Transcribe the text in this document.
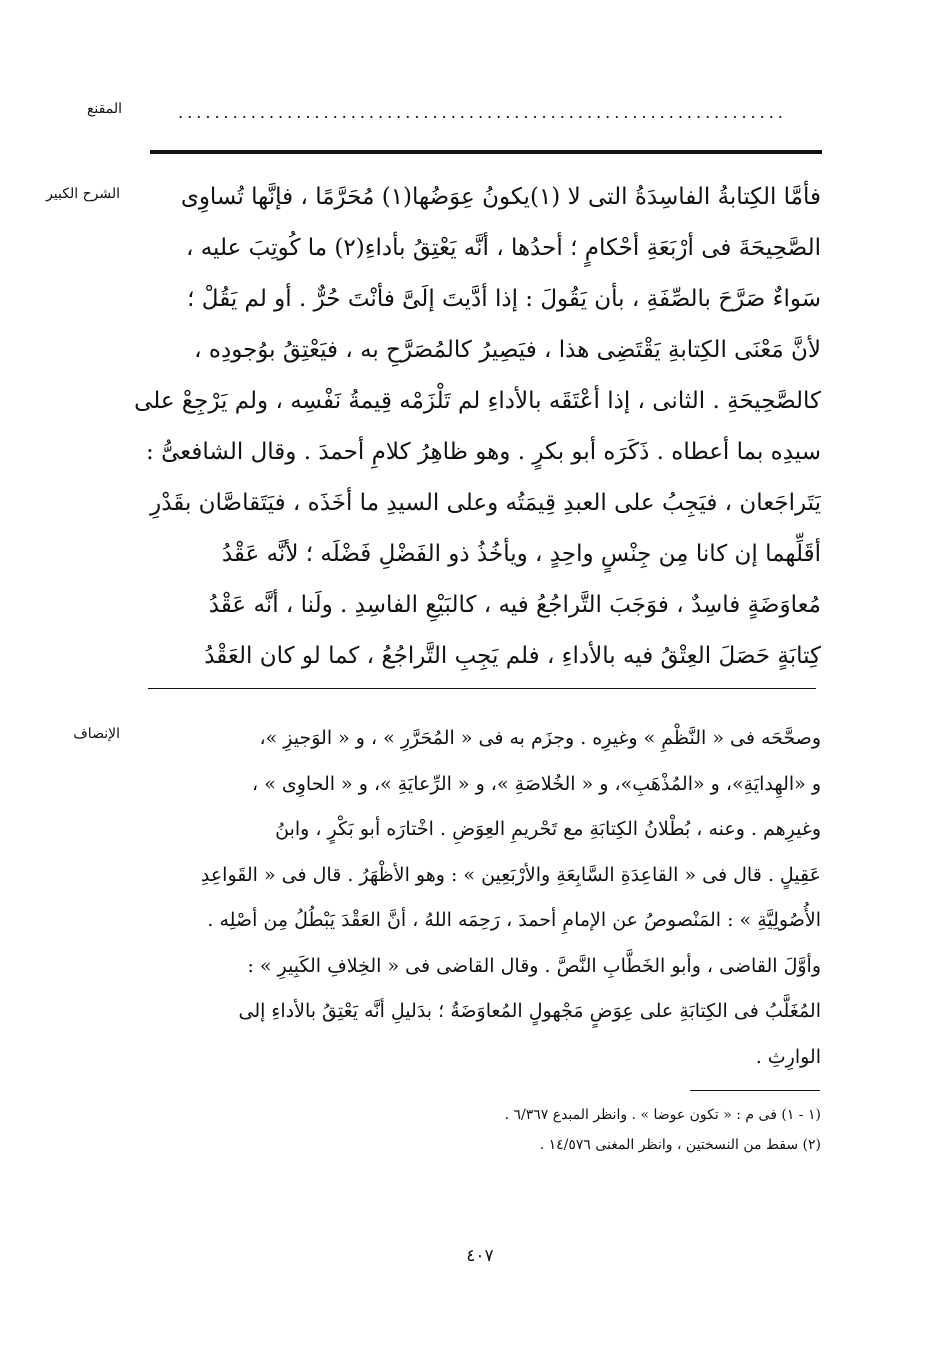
المقنع	...................................................................
الشرح الكبير	فأمَّا الكِتابةُ الفاسِدَةُ التى لا (١)يكونُ عِوَضُها(١) مُحَرَّمًا ، فإنَّها تُساوِى
الصَّحِيحَةَ فى أرْبَعَةِ أحْكامٍ ؛ أحدُها ، أنَّه يَعْتِقُ بأداءِ(٢) ما كُوتِبَ عليه ،
سَواءٌ صَرَّحَ بالصِّفَةِ ، بأن يَقُولَ : إذا أدَّيتَ إلَىَّ فأنْتَ حُرٌّ . أو لم يَقُلْ ؛
لأنَّ مَعْنَى الكِتابةِ يَقْتَضِى هذا ، فيَصِيرُ كالمُصَرَّحِ به ، فيَعْتِقُ بوُجودِه ،
كالصَّحِيحَةِ . الثانى ، إذا أعْتَقَه بالأداءِ لم تَلْزَمْه قِيمةُ نَفْسِه ، ولم يَرْجِعْ على
سيدِه بما أعطاه . ذَكَرَه أبو بكرٍ . وهو ظاهِرُ كلامِ أحمدَ . وقال الشافعىُّ :
يَتَراجَعان ، فيَجِبُ على العبدِ قِيمَتُه وعلى السيدِ ما أخَذَه ، فيَتَقاصَّان بقَدْرِ
أقَلِّهما إن كانا مِن جِنْسٍ واحِدٍ ، ويأخُذُ ذو الفَضْلِ فَضْلَه ؛ لأنَّه عَقْدُ
مُعاوَضَةٍ فاسِدٌ ، فوَجَبَ التَّراجُعُ فيه ، كالبَيْعِ الفاسِدِ . ولَنا ، أنَّه عَقْدُ
كِتابَةٍ حَصَلَ العِتْقُ فيه بالأداءِ ، فلم يَجِبِ التَّراجُعُ ، كما لو كان العَقْدُ
الإنصاف	وصحَّحَه فى « النَّظْمِ » وغيرِه . وجزَم به فى « المُحَرَّرِ » ، و « الوَجيزِ »،
و «الهِدايَةِ»، و «المُذْهَبِ»، و « الخُلاصَةِ »، و « الرِّعايَةِ »، و « الحاوِى » ،
وغيرِهم . وعنه ، بُطْلانُ الكِتابَةِ مع تَحْريمِ العِوَضِ . اخْتارَه أبو بَكْرٍ ، وابنُ
عَقِيلٍ . قال فى « القاعِدَةِ السَّابِعَةِ والأرْبَعِين » : وهو الأظْهَرُ . قال فى « القَواعِدِ
الأُصُولِيَّةِ » : المَنْصوصُ عن الإمامِ أحمدَ ، رَحِمَه اللهُ ، أنَّ العَقْدَ يَبْطُلُ مِن أصْلِه .
وأوَّلَ القاضى ، وأبو الخَطَّابِ النَّصَّ . وقال القاضى فى « الخِلافِ الكَبِيرِ » :
المُغَلَّبُ فى الكِتابَةِ على عِوَضٍ مَجْهولٍ المُعاوَضَةُ ؛ بدَليلِ أنَّه يَعْتِقُ بالأداءِ إلى
الوارِثِ .
(١ - ١) فى م : « تكون عوضا » . وانظر المبدع ٦/٣٦٧ .
(٢) سقط من النسختين ، وانظر المغنى ١٤/٥٧٦ .
٤٠٧
